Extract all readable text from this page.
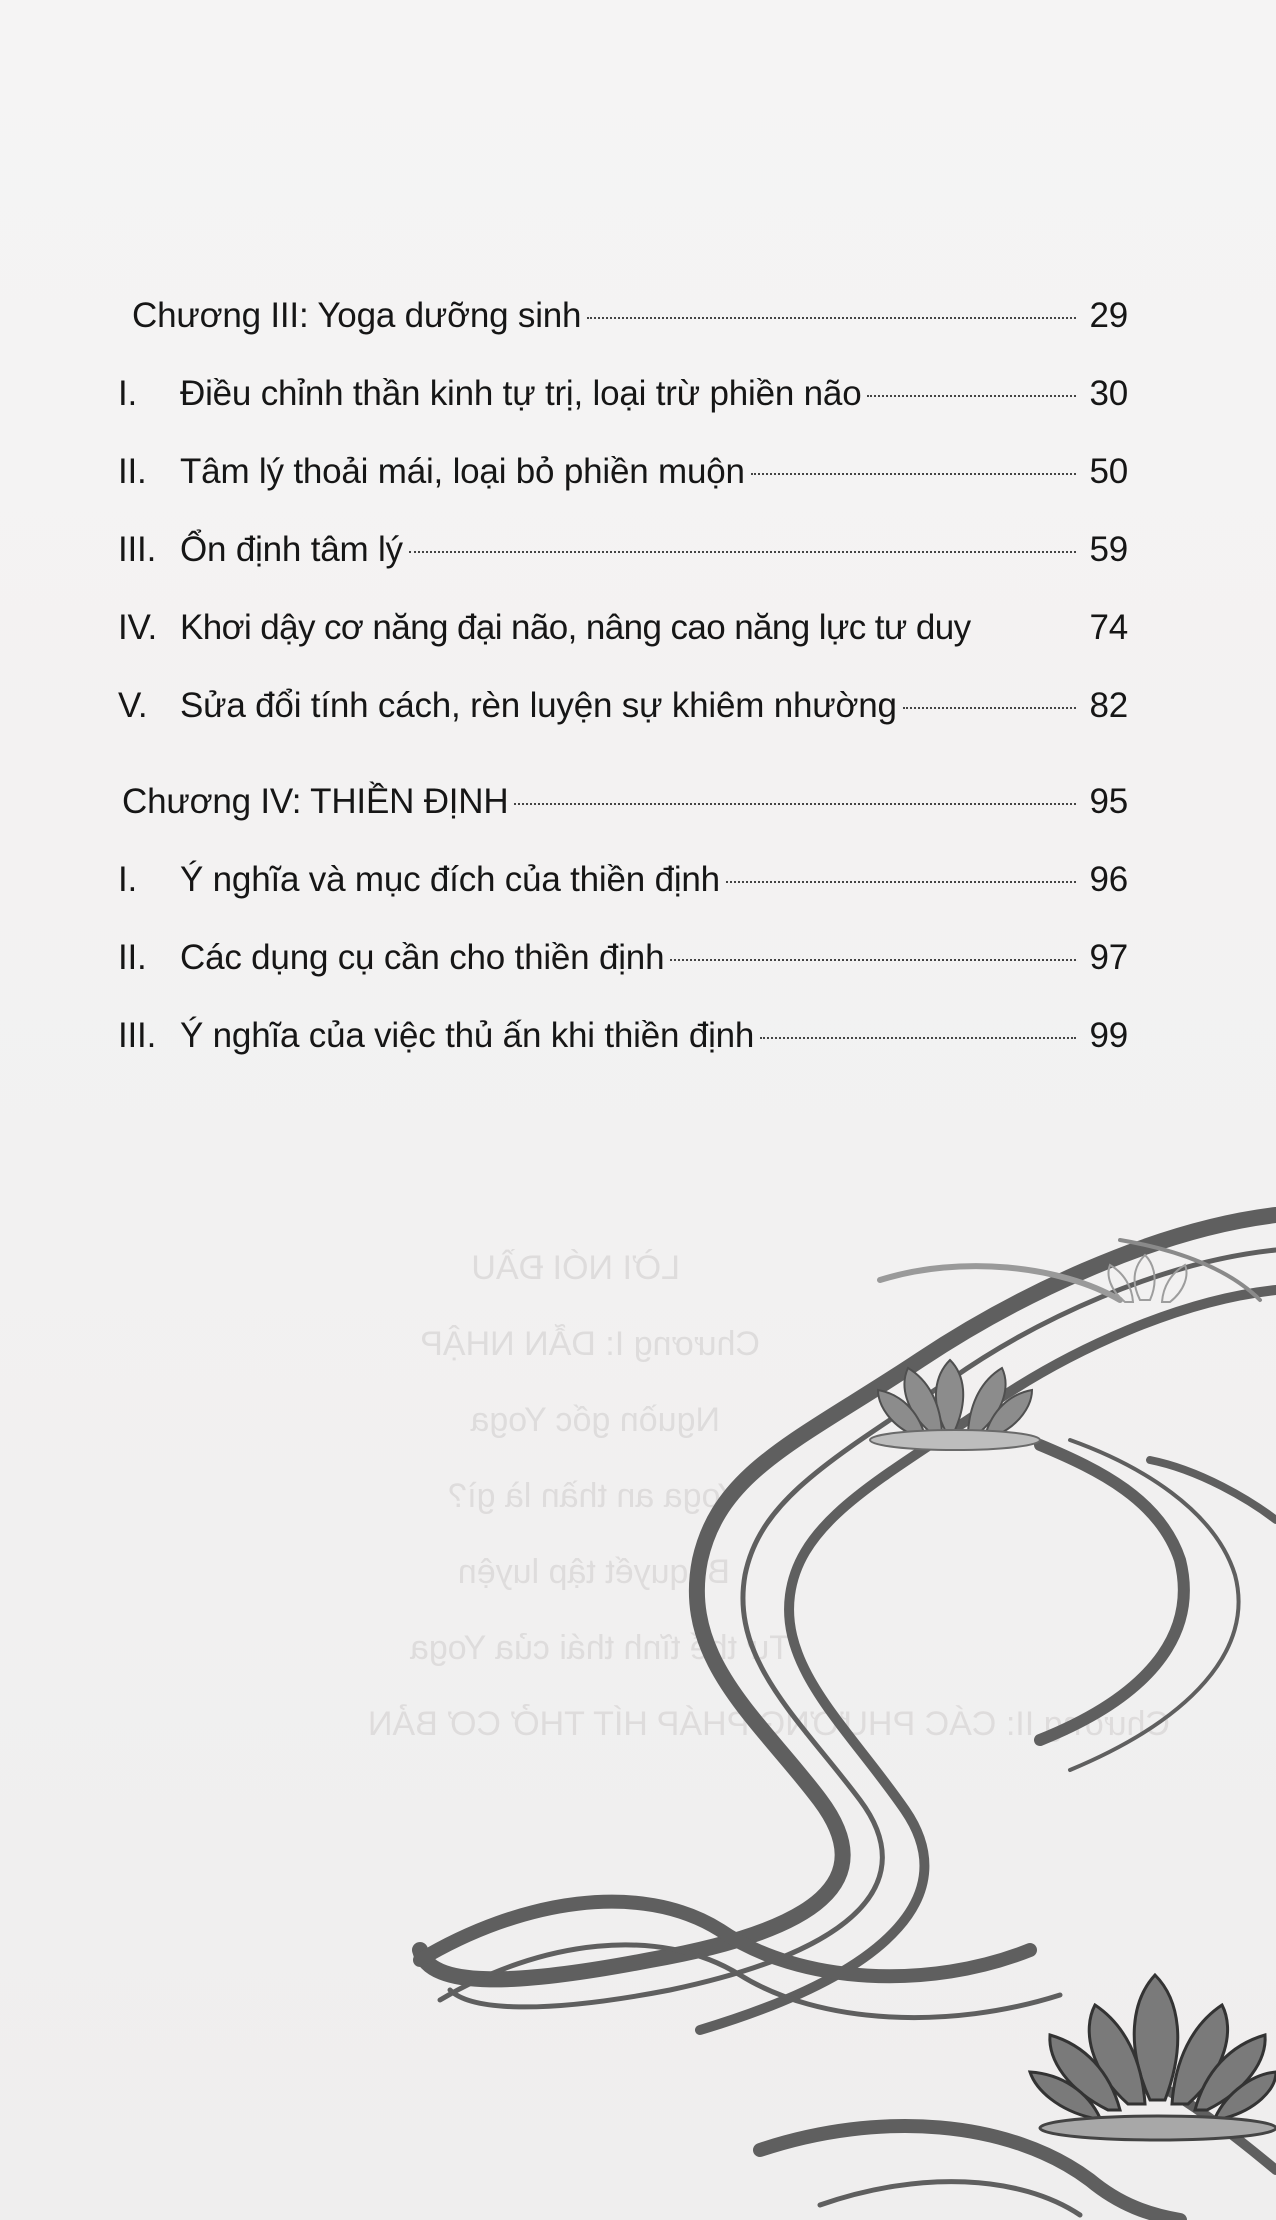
LỜI NÓI ĐẦU
Chương I: DẪN NHẬP
Nguồn gốc Yoga
Yoga an thần là gì?
Bí quyết tập luyện
Tư thế tĩnh thái của Yoga
Chương II: CÁC PHƯƠNG PHÁP HÍT THỞ CƠ BẢN
Chương III: Yoga dưỡng sinh	29
I.	Điều chỉnh thần kinh tự trị, loại trừ phiền não	30
II. Tâm lý thoải mái, loại bỏ phiền muộn	50
III. Ổn định tâm lý	59
IV. Khơi dậy cơ năng đại não, nâng cao năng lực tư duy	74
V. Sửa đổi tính cách, rèn luyện sự khiêm nhường	82
Chương IV: THIỀN ĐỊNH	95
I.	Ý nghĩa và mục đích của thiền định	96
II. Các dụng cụ cần cho thiền định	97
III. Ý nghĩa của việc thủ ấn khi thiền định	99
